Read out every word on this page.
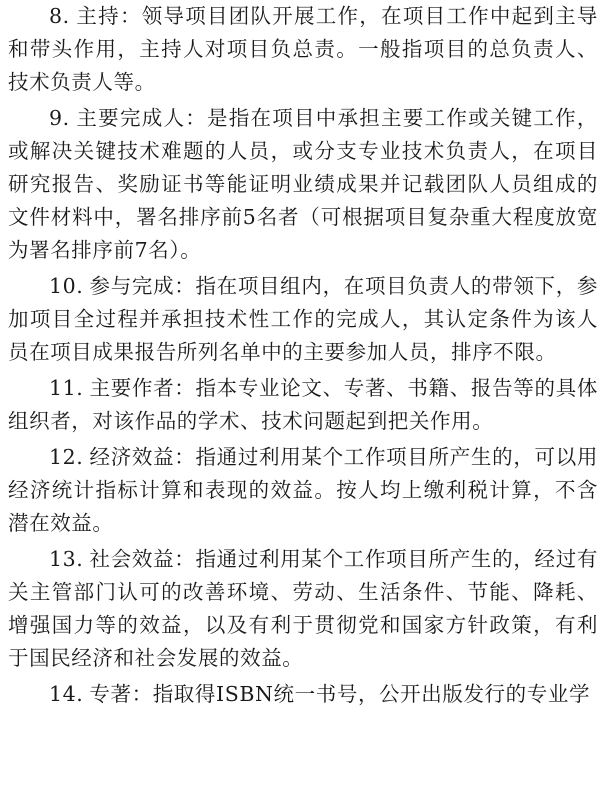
8. 主持：领导项目团队开展工作，在项目工作中起到主导和带头作用，主持人对项目负总责。一般指项目的总负责人、技术负责人等。

9. 主要完成人：是指在项目中承担主要工作或关键工作，或解决关键技术难题的人员，或分支专业技术负责人，在项目研究报告、奖励证书等能证明业绩成果并记载团队人员组成的文件材料中，署名排序前5名者（可根据项目复杂重大程度放宽为署名排序前7名）。

10. 参与完成：指在项目组内，在项目负责人的带领下，参加项目全过程并承担技术性工作的完成人，其认定条件为该人员在项目成果报告所列名单中的主要参加人员，排序不限。

11. 主要作者：指本专业论文、专著、书籍、报告等的具体组织者，对该作品的学术、技术问题起到把关作用。

12. 经济效益：指通过利用某个工作项目所产生的，可以用经济统计指标计算和表现的效益。按人均上缴利税计算，不含潜在效益。

13. 社会效益：指通过利用某个工作项目所产生的，经过有关主管部门认可的改善环境、劳动、生活条件、节能、降耗、增强国力等的效益，以及有利于贯彻党和国家方针政策，有利于国民经济和社会发展的效益。

14. 专著：指取得ISBN统一书号，公开出版发行的专业学
